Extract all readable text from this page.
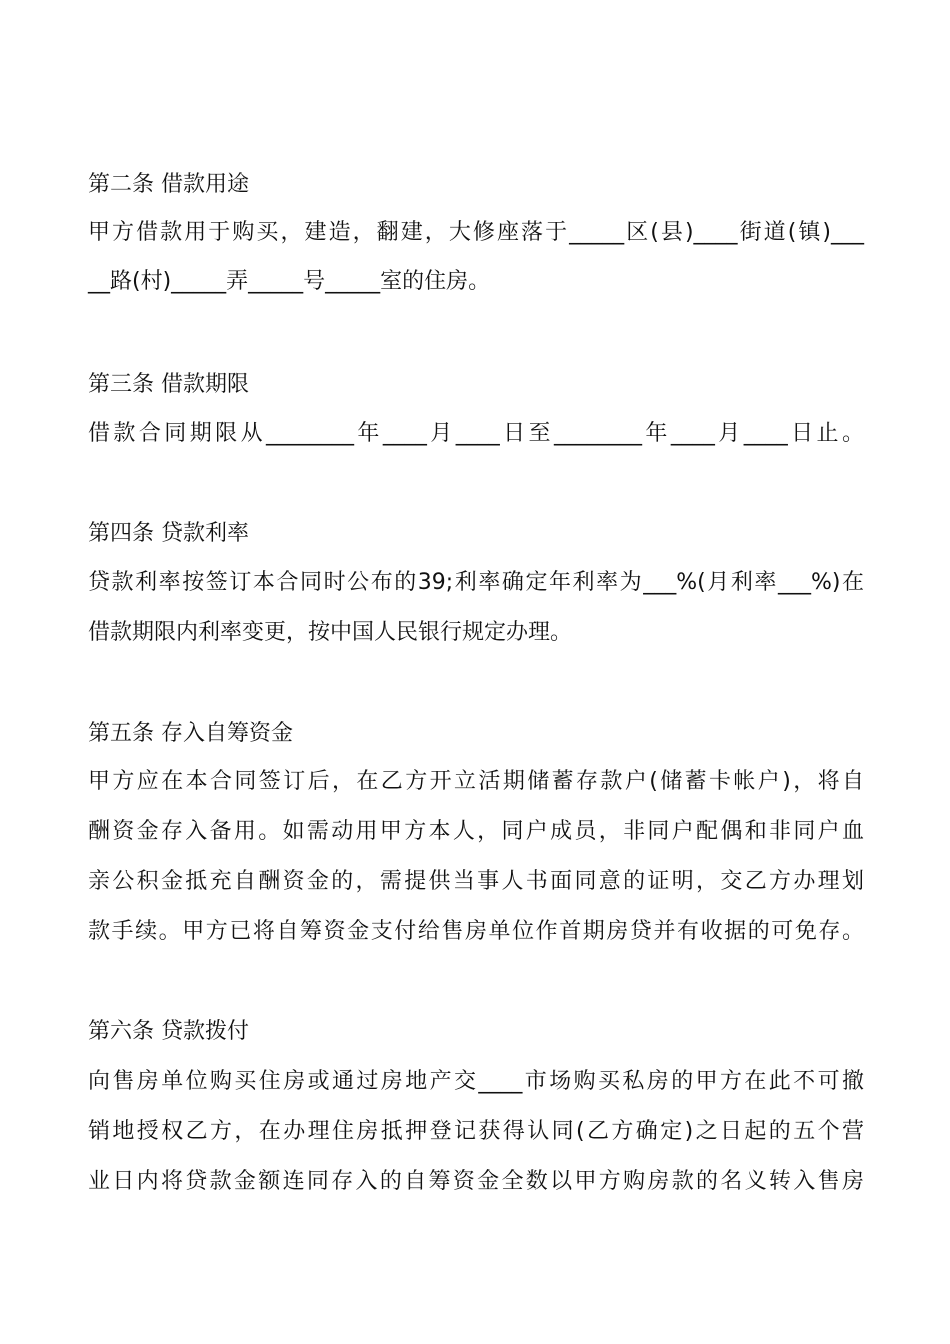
第二条 借款用途
甲方借款用于购买，建造，翻建，大修座落于_____区(县)____街道(镇)___
__路(村)_____弄_____号_____室的住房。
第三条 借款期限
借款合同期限从________年____月____日至________年____月____日止。
第四条 贷款利率
贷款利率按签订本合同时公布的39;利率确定年利率为___%(月利率___%)在
借款期限内利率变更，按中国人民银行规定办理。
第五条 存入自筹资金
甲方应在本合同签订后，在乙方开立活期储蓄存款户(储蓄卡帐户)，将自
酬资金存入备用。如需动用甲方本人，同户成员，非同户配偶和非同户血
亲公积金抵充自酬资金的，需提供当事人书面同意的证明，交乙方办理划
款手续。甲方已将自筹资金支付给售房单位作首期房贷并有收据的可免存。
第六条 贷款拨付
向售房单位购买住房或通过房地产交____市场购买私房的甲方在此不可撤
销地授权乙方，在办理住房抵押登记获得认同(乙方确定)之日起的五个营
业日内将贷款金额连同存入的自筹资金全数以甲方购房款的名义转入售房
